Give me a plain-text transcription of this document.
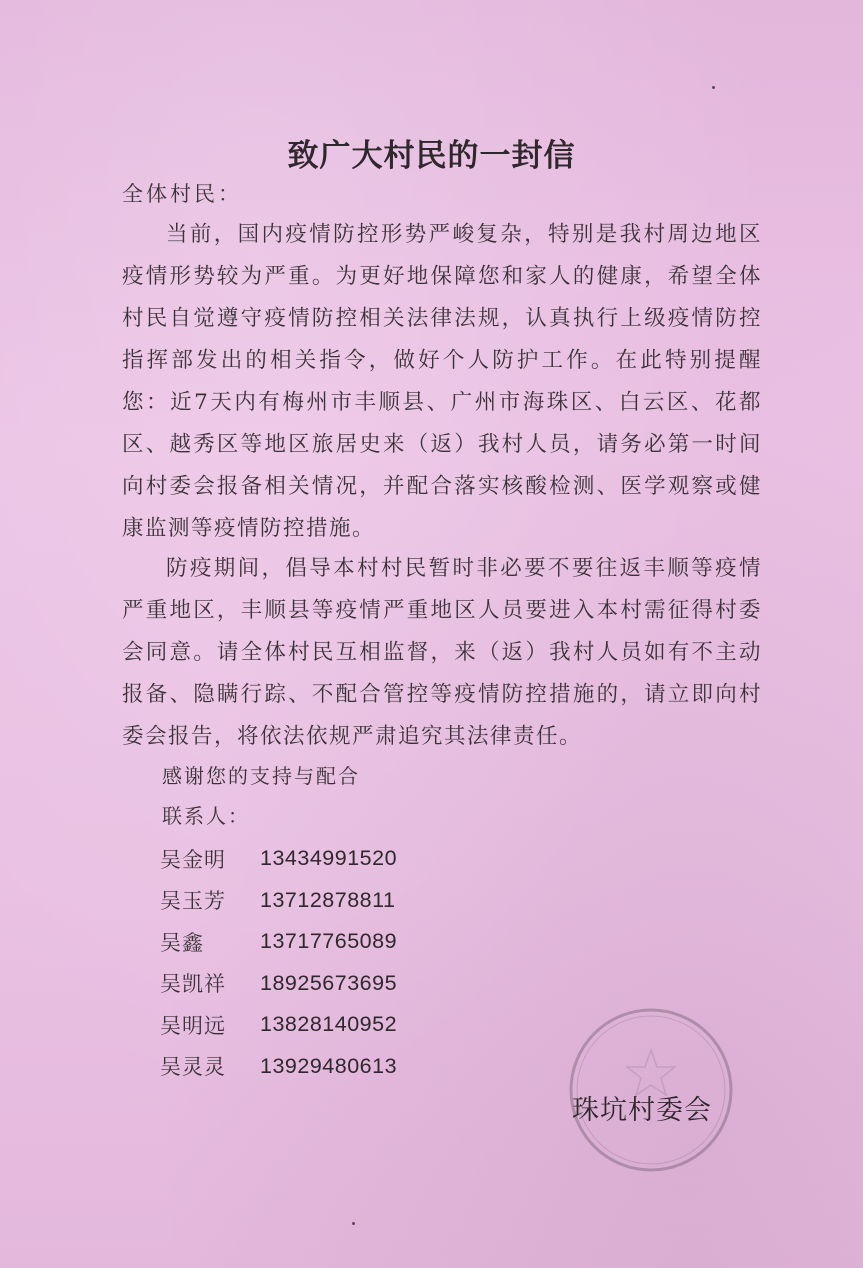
致广大村民的一封信
全体村民：

当前，国内疫情防控形势严峻复杂，特别是我村周边地区疫情形势较为严重。为更好地保障您和家人的健康，希望全体村民自觉遵守疫情防控相关法律法规，认真执行上级疫情防控指挥部发出的相关指令，做好个人防护工作。在此特别提醒您：近7天内有梅州市丰顺县、广州市海珠区、白云区、花都区、越秀区等地区旅居史来（返）我村人员，请务必第一时间向村委会报备相关情况，并配合落实核酸检测、医学观察或健康监测等疫情防控措施。

防疫期间，倡导本村村民暂时非必要不要往返丰顺等疫情严重地区，丰顺县等疫情严重地区人员要进入本村需征得村委会同意。请全体村民互相监督，来（返）我村人员如有不主动报备、隐瞒行踪、不配合管控等疫情防控措施的，请立即向村委会报告，将依法依规严肃追究其法律责任。

感谢您的支持与配合
联系人：
吴金明	13434991520
吴玉芳	13712878811
吴鑫	13717765089
吴凯祥	18925673695
吴明远	13828140952
吴灵灵	13929480613
珠坑村委会
